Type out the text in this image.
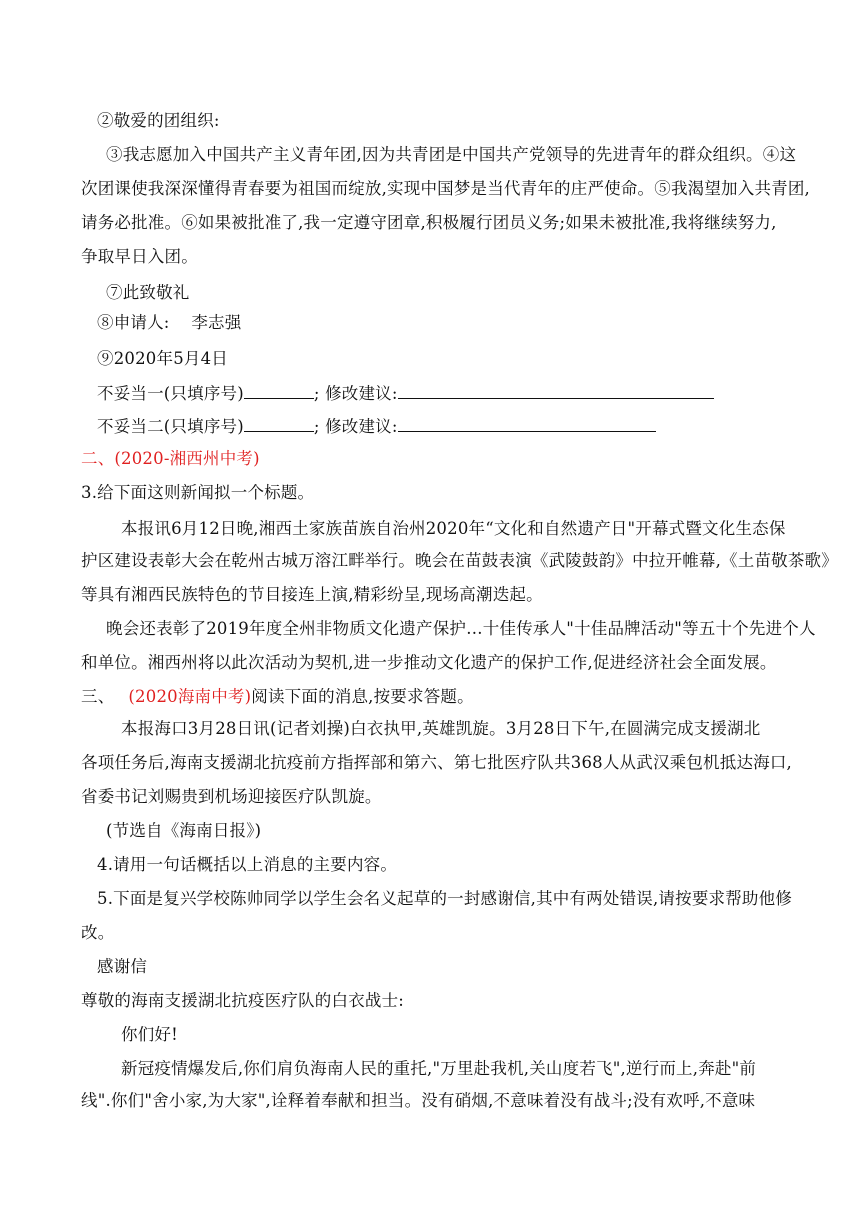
②敬爱的团组织:
③我志愿加入中国共产主义青年团,因为共青团是中国共产党领导的先进青年的群众组织。④这
次团课使我深深懂得青春要为祖国而绽放,实现中国梦是当代青年的庄严使命。⑤我渴望加入共青团,
请务必批准。⑥如果被批准了,我一定遵守团章,积极履行团员义务;如果未被批准,我将继续努力,
争取早日入团。
⑦此致敬礼
⑧申请人:    李志强
⑨2020年5月4日
不妥当一(只填序号)	; 修改建议:
不妥当二(只填序号)	; 修改建议:
二、(2020-湘西州中考)
3.给下面这则新闻拟一个标题。
本报讯6月12日晚,湘西土家族苗族自治州2020年“文化和自然遗产日"开幕式暨文化生态保
护区建设表彰大会在乾州古城万溶江畔举行。晚会在苗鼓表演《武陵鼓韵》中拉开帷幕,《土苗敬茶歌》
等具有湘西民族特色的节目接连上演,精彩纷呈,现场高潮迭起。
晚会还表彰了2019年度全州非物质文化遗产保护…十佳传承人"十佳品牌活动"等五十个先进个人
和单位。湘西州将以此次活动为契机,进一步推动文化遗产的保护工作,促进经济社会全面发展。
三、 (2020海南中考)阅读下面的消息,按要求答题。
本报海口3月28日讯(记者刘操)白衣执甲,英雄凯旋。3月28日下午,在圆满完成支援湖北
各项任务后,海南支援湖北抗疫前方指挥部和第六、第七批医疗队共368人从武汉乘包机抵达海口,
省委书记刘赐贵到机场迎接医疗队凯旋。
(节选自《海南日报》)
4.请用一句话概括以上消息的主要内容。
5.下面是复兴学校陈帅同学以学生会名义起草的一封感谢信,其中有两处错误,请按要求帮助他修
改。
感谢信
尊敬的海南支援湖北抗疫医疗队的白衣战士:
你们好!
新冠疫情爆发后,你们肩负海南人民的重托,"万里赴我机,关山度若飞",逆行而上,奔赴"前
线".你们"舍小家,为大家",诠释着奉献和担当。没有硝烟,不意味着没有战斗;没有欢呼,不意味
